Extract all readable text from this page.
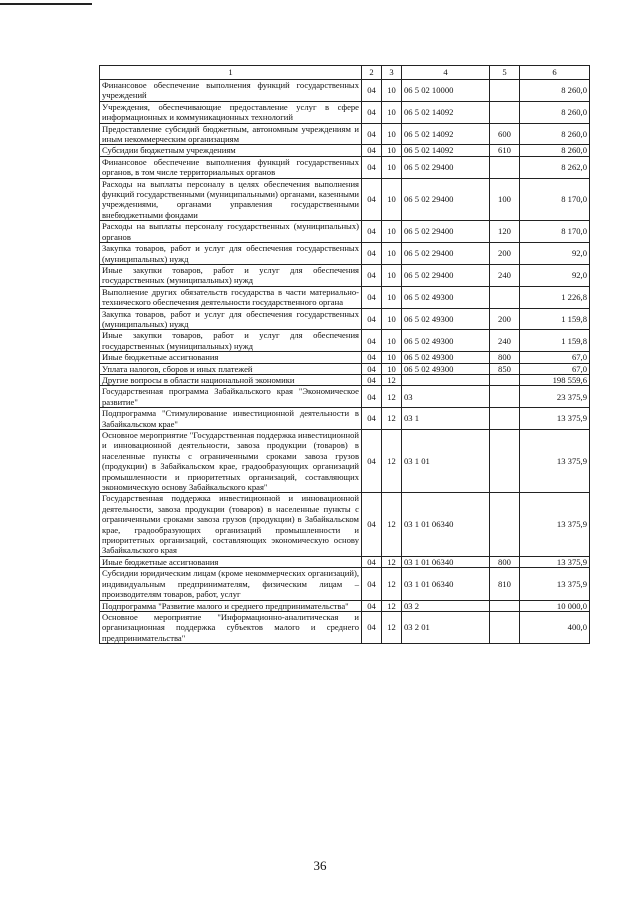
1	2	3	4	5	6
Финансовое обеспечение выполнения функций государственных учреждений	04	10	06 5 02 10000		8 260,0
Учреждения, обеспечивающие предоставление услуг в сфере информационных и коммуникационных технологий	04	10	06 5 02 14092		8 260,0
Предоставление субсидий бюджетным, автономным учреждениям и иным некоммерческим организациям	04	10	06 5 02 14092	600	8 260,0
Субсидии бюджетным учреждениям	04	10	06 5 02 14092	610	8 260,0
Финансовое обеспечение выполнения функций государственных органов, в том числе территориальных органов	04	10	06 5 02 29400		8 262,0
Расходы на выплаты персоналу в целях обеспечения выполнения функций государственными (муниципальными) органами, казенными учреждениями, органами управления государственными внебюджетными фондами	04	10	06 5 02 29400	100	8 170,0
Расходы на выплаты персоналу государственных (муниципальных) органов	04	10	06 5 02 29400	120	8 170,0
Закупка товаров, работ и услуг для обеспечения государственных (муниципальных) нужд	04	10	06 5 02 29400	200	92,0
Иные закупки товаров, работ и услуг для обеспечения государственных (муниципальных) нужд	04	10	06 5 02 29400	240	92,0
Выполнение других обязательств государства в части материально-технического обеспечения деятельности государственного органа	04	10	06 5 02 49300		1 226,8
Закупка товаров, работ и услуг для обеспечения государственных (муниципальных) нужд	04	10	06 5 02 49300	200	1 159,8
Иные закупки товаров, работ и услуг для обеспечения государственных (муниципальных) нужд	04	10	06 5 02 49300	240	1 159,8
Иные бюджетные ассигнования	04	10	06 5 02 49300	800	67,0
Уплата налогов, сборов и иных платежей	04	10	06 5 02 49300	850	67,0
Другие вопросы в области национальной экономики	04	12			198 559,6
Государственная программа Забайкальского края "Экономическое развитие"	04	12	03		23 375,9
Подпрограмма "Стимулирование инвестиционной деятельности в Забайкальском крае"	04	12	03 1		13 375,9
Основное мероприятие "Государственная поддержка инвестиционной и инновационной деятельности, завоза продукции (товаров) в населенные пункты с ограниченными сроками завоза грузов (продукции) в Забайкальском крае, градообразующих организаций промышленности и приоритетных организаций, составляющих экономическую основу Забайкальского края"	04	12	03 1 01		13 375,9
Государственная поддержка инвестиционной и инновационной деятельности, завоза продукции (товаров) в населенные пункты с ограниченными сроками завоза грузов (продукции) в Забайкальском крае, градообразующих организаций промышленности и приоритетных организаций, составляющих экономическую основу Забайкальского края	04	12	03 1 01 06340		13 375,9
Иные бюджетные ассигнования	04	12	03 1 01 06340	800	13 375,9
Субсидии юридическим лицам (кроме некоммерческих организаций), индивидуальным предпринимателям, физическим лицам – производителям товаров, работ, услуг	04	12	03 1 01 06340	810	13 375,9
Подпрограмма "Развитие малого и среднего предпринимательства"	04	12	03 2		10 000,0
Основное мероприятие "Информационно-аналитическая и организационная поддержка субъектов малого и среднего предпринимательства"	04	12	03 2 01		400,0
36
